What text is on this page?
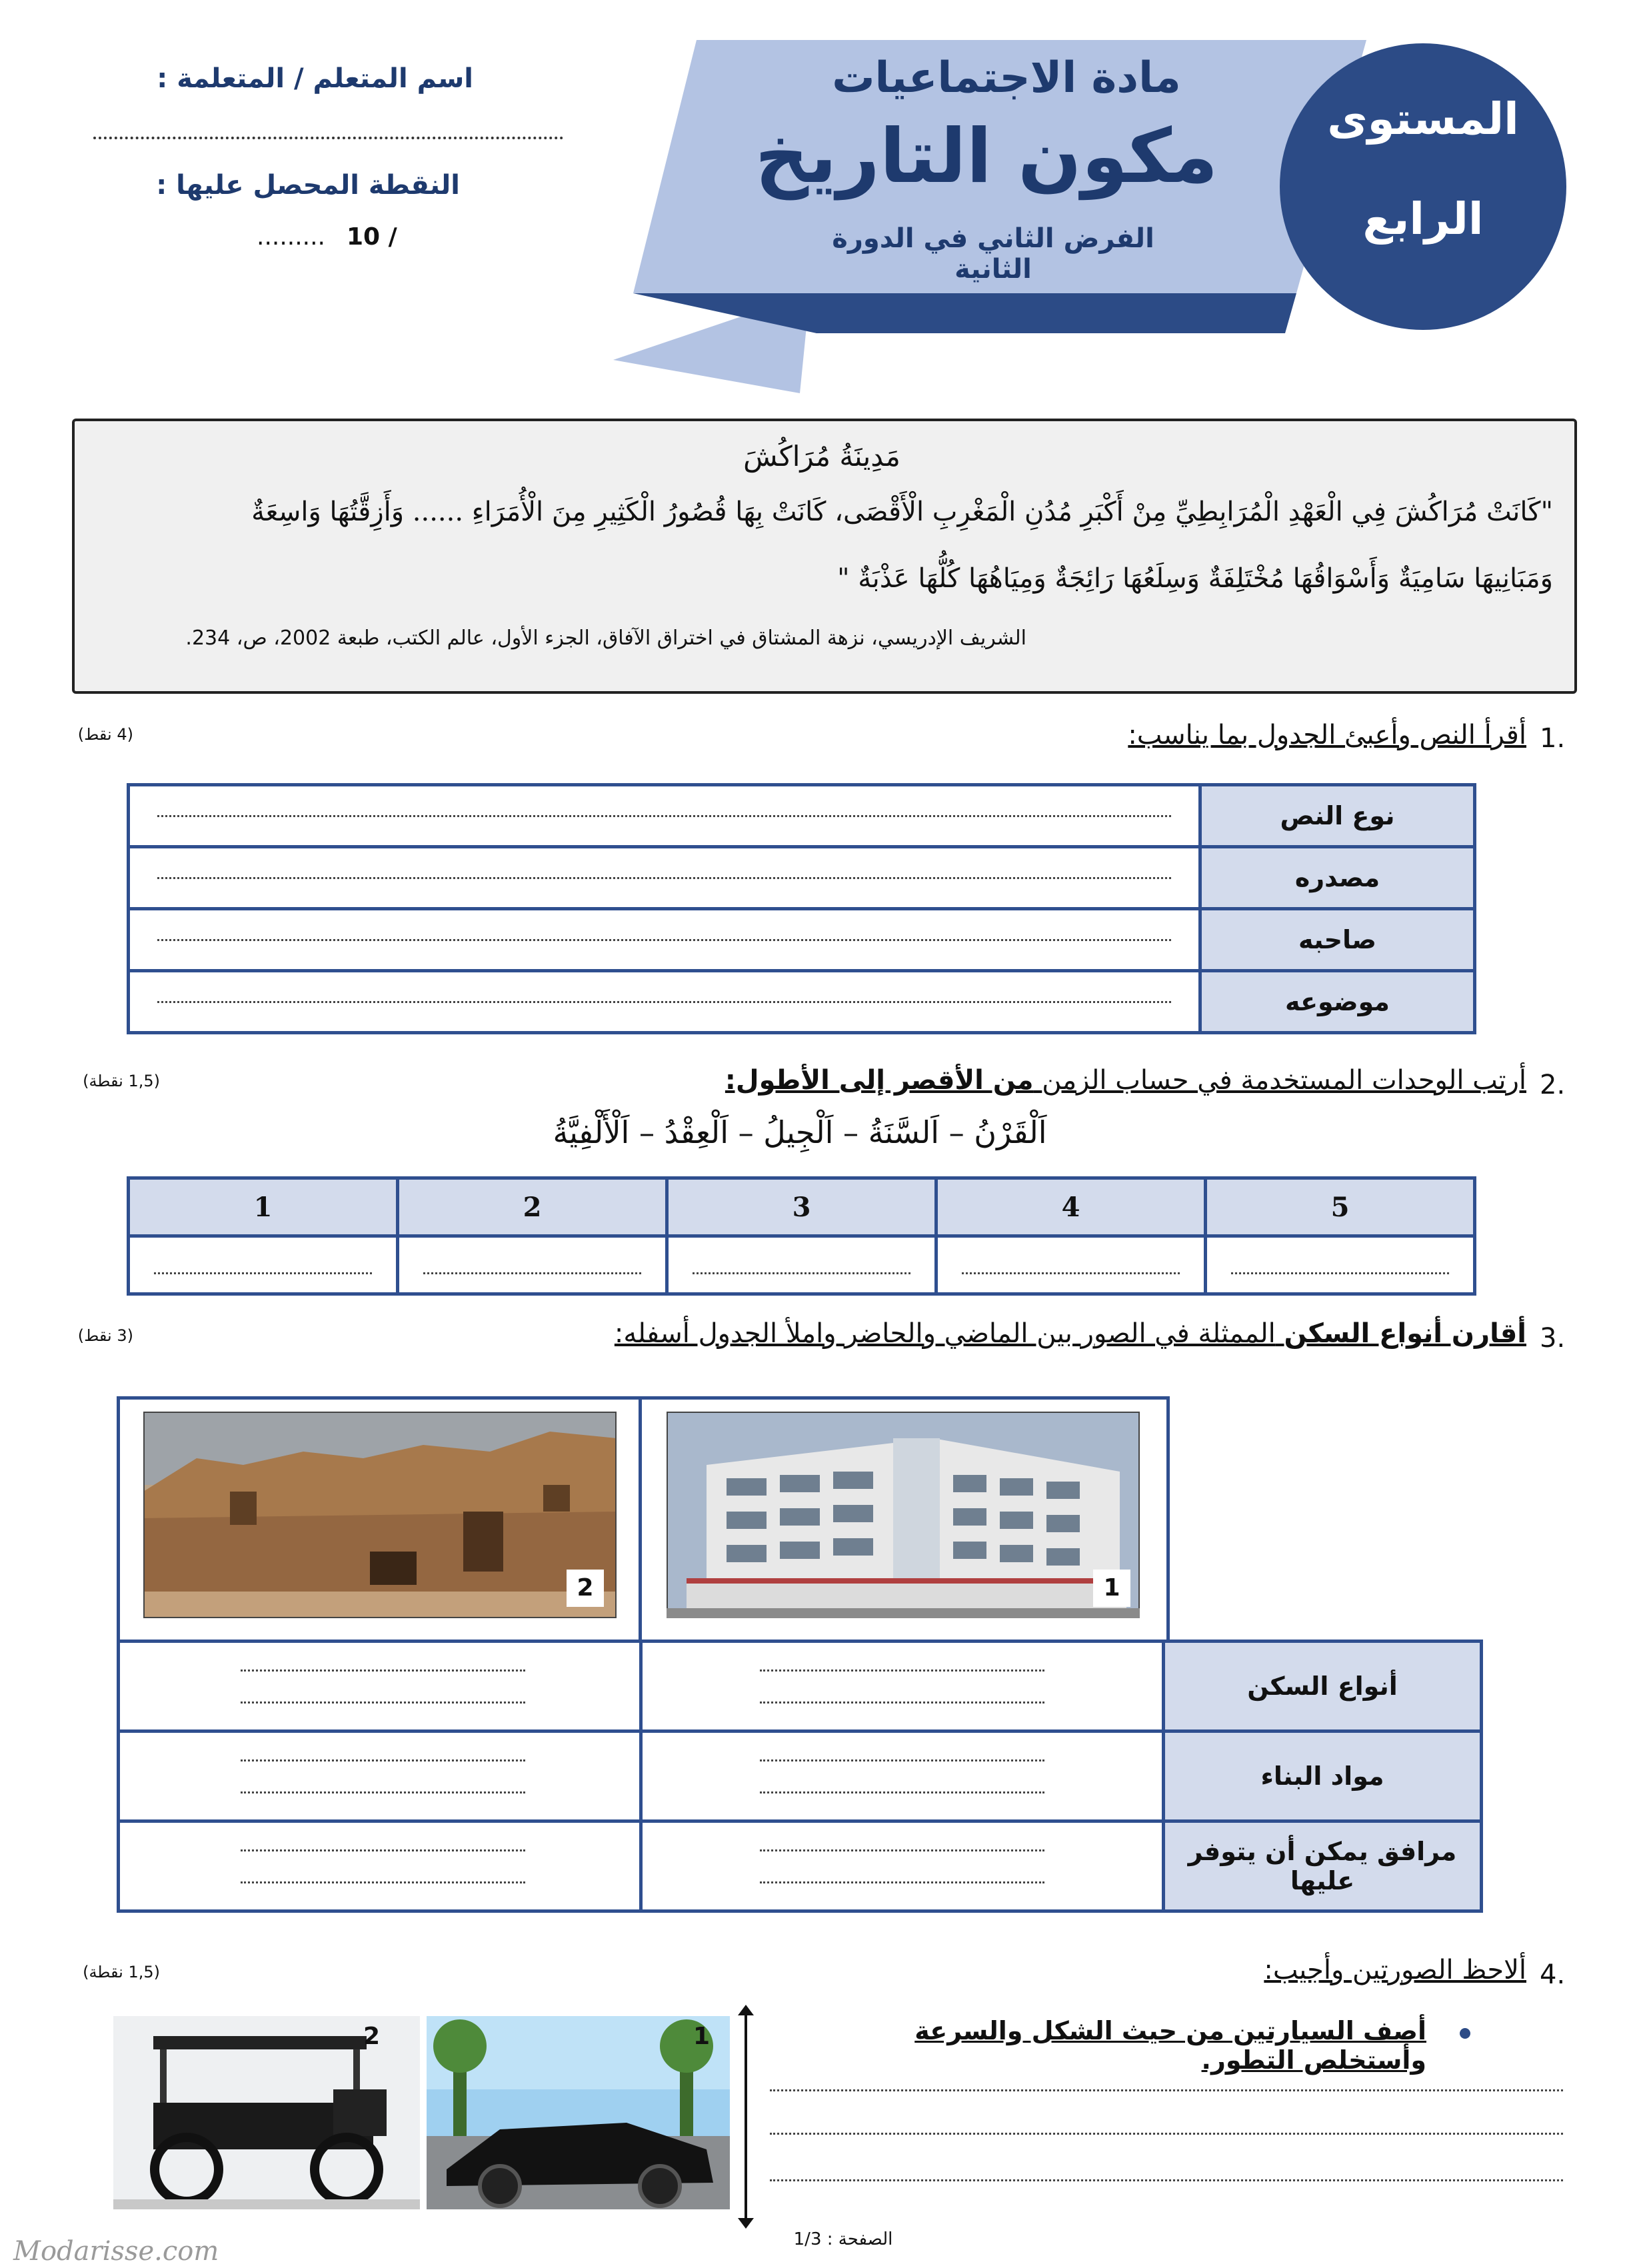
المستوى
الرابع
مادة الاجتماعيات
مكون التاريخ
الفرض الثاني في الدورة الثانية
اسم المتعلم / المتعلمة :
النقطة المحصل عليها :
10 /
.........
مَدِينَةُ مُرَاكُشَ
"كَانَتْ مُرَاكُشَ فِي الْعَهْدِ الْمُرَابِطِيِّ مِنْ أَكْبَرِ مُدُنِ الْمَغْرِبِ الْأَقْصَى، كَانَتْ بِهَا قُصُورُ الْكَثِيرِ مِنَ الْأُمَرَاءِ ...... وَأَزِقَّتُهَا وَاسِعَةٌ
وَمَبَانِيهَا سَامِيَةٌ وَأَسْوَاقُهَا مُخْتَلِفَةٌ وَسِلَعُهَا رَائِجَةٌ وَمِيَاهُهَا كُلُّهَا عَذْبَةٌ "
الشريف الإدريسي، نزهة المشتاق في اختراق الآفاق، الجزء الأول، عالم الكتب، طبعة 2002، ص، 234.
1.
أقرأ النص وأعبئ الجدول بما يناسب:
(4 نقط)
	نوع النص

	مصدره

	صاحبه

	موضوعه
2.
أرتب الوحدات المستخدمة في حساب الزمن من الأقصر إلى الأطول:
(1,5 نقطة)
اَلْقَرْنُ – اَلسَّنَةُ – اَلْجِيلُ – اَلْعِقْدُ – اَلْأَلْفِيَّةُ
1	2	3	4	5

3.
أقارن أنواع السكن الممثلة في الصور بين الماضي والحاضر واملأ الجدول أسفله:
(3 نقط)
1
2

	أنواع السكن

	مواد البناء

	مرافق يمكن أن يتوفر عليها
4.
ألاحظ الصورتين وأجيب:
(1,5 نقطة)
2	1	أصف السيارتين من حيث الشكل والسرعة وأستخلص التطور.
الصفحة : 1/3
Modarisse.com
